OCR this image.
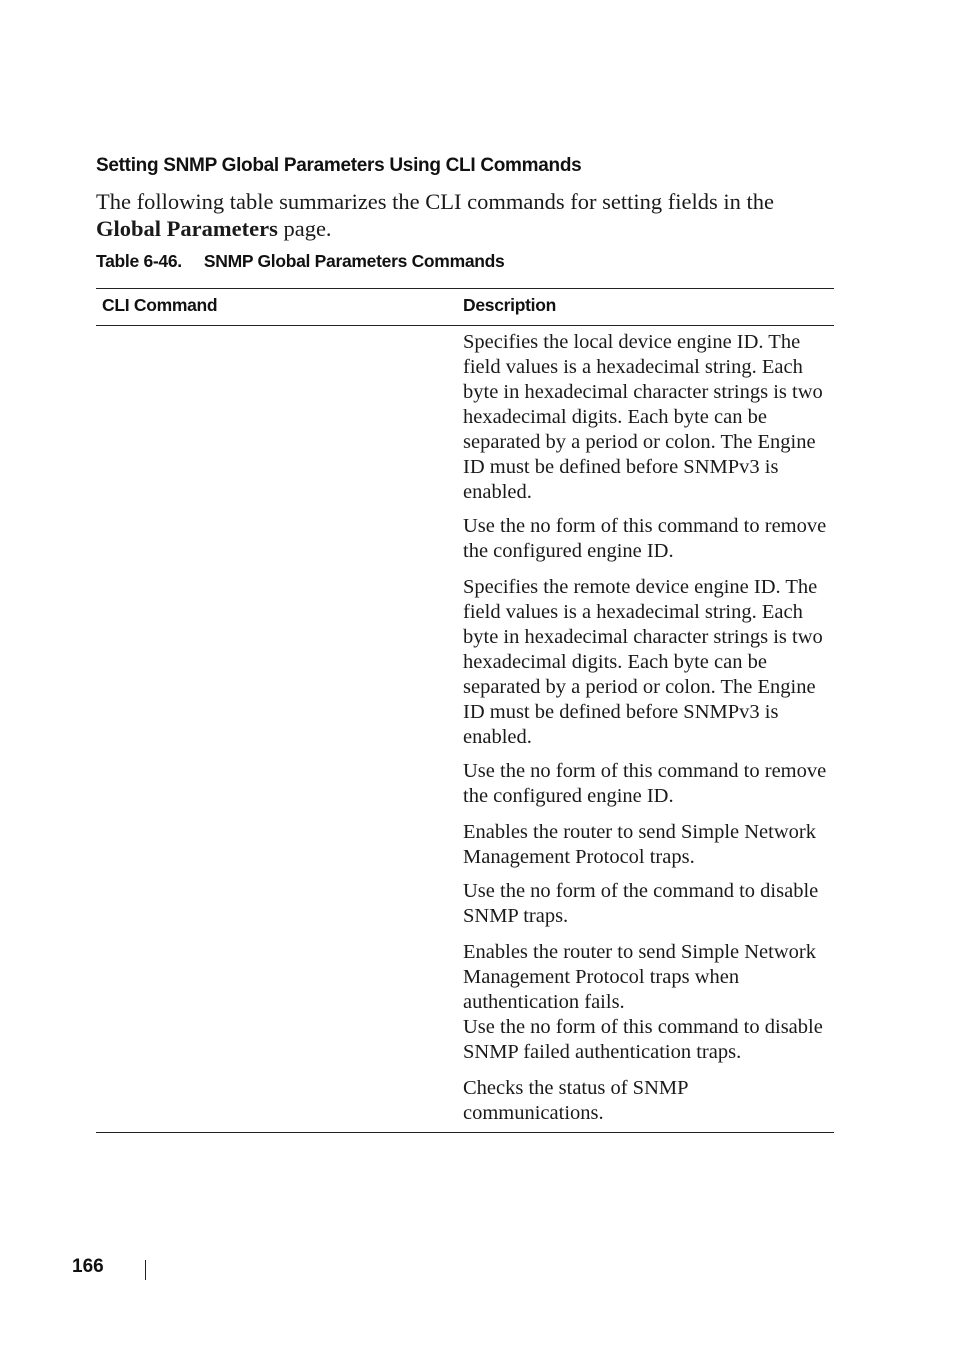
Setting SNMP Global Parameters Using CLI Commands
The following table summarizes the CLI commands for setting fields in the Global Parameters page.
Table 6-46. SNMP Global Parameters Commands
CLI Command	Description

Specifies the local device engine ID. The field values is a hexadecimal string. Each byte in hexadecimal character strings is two hexadecimal digits. Each byte can be separated by a period or colon. The Engine ID must be defined before SNMPv3 is enabled.

Use the no form of this command to remove the configured engine ID.

Specifies the remote device engine ID. The field values is a hexadecimal string. Each byte in hexadecimal character strings is two hexadecimal digits. Each byte can be separated by a period or colon. The Engine ID must be defined before SNMPv3 is enabled.

Use the no form of this command to remove the configured engine ID.

Enables the router to send Simple Network Management Protocol traps.

Use the no form of the command to disable SNMP traps.

Enables the router to send Simple Network Management Protocol traps when authentication fails.
Use the no form of this command to disable SNMP failed authentication traps.

Checks the status of SNMP communications.

166
